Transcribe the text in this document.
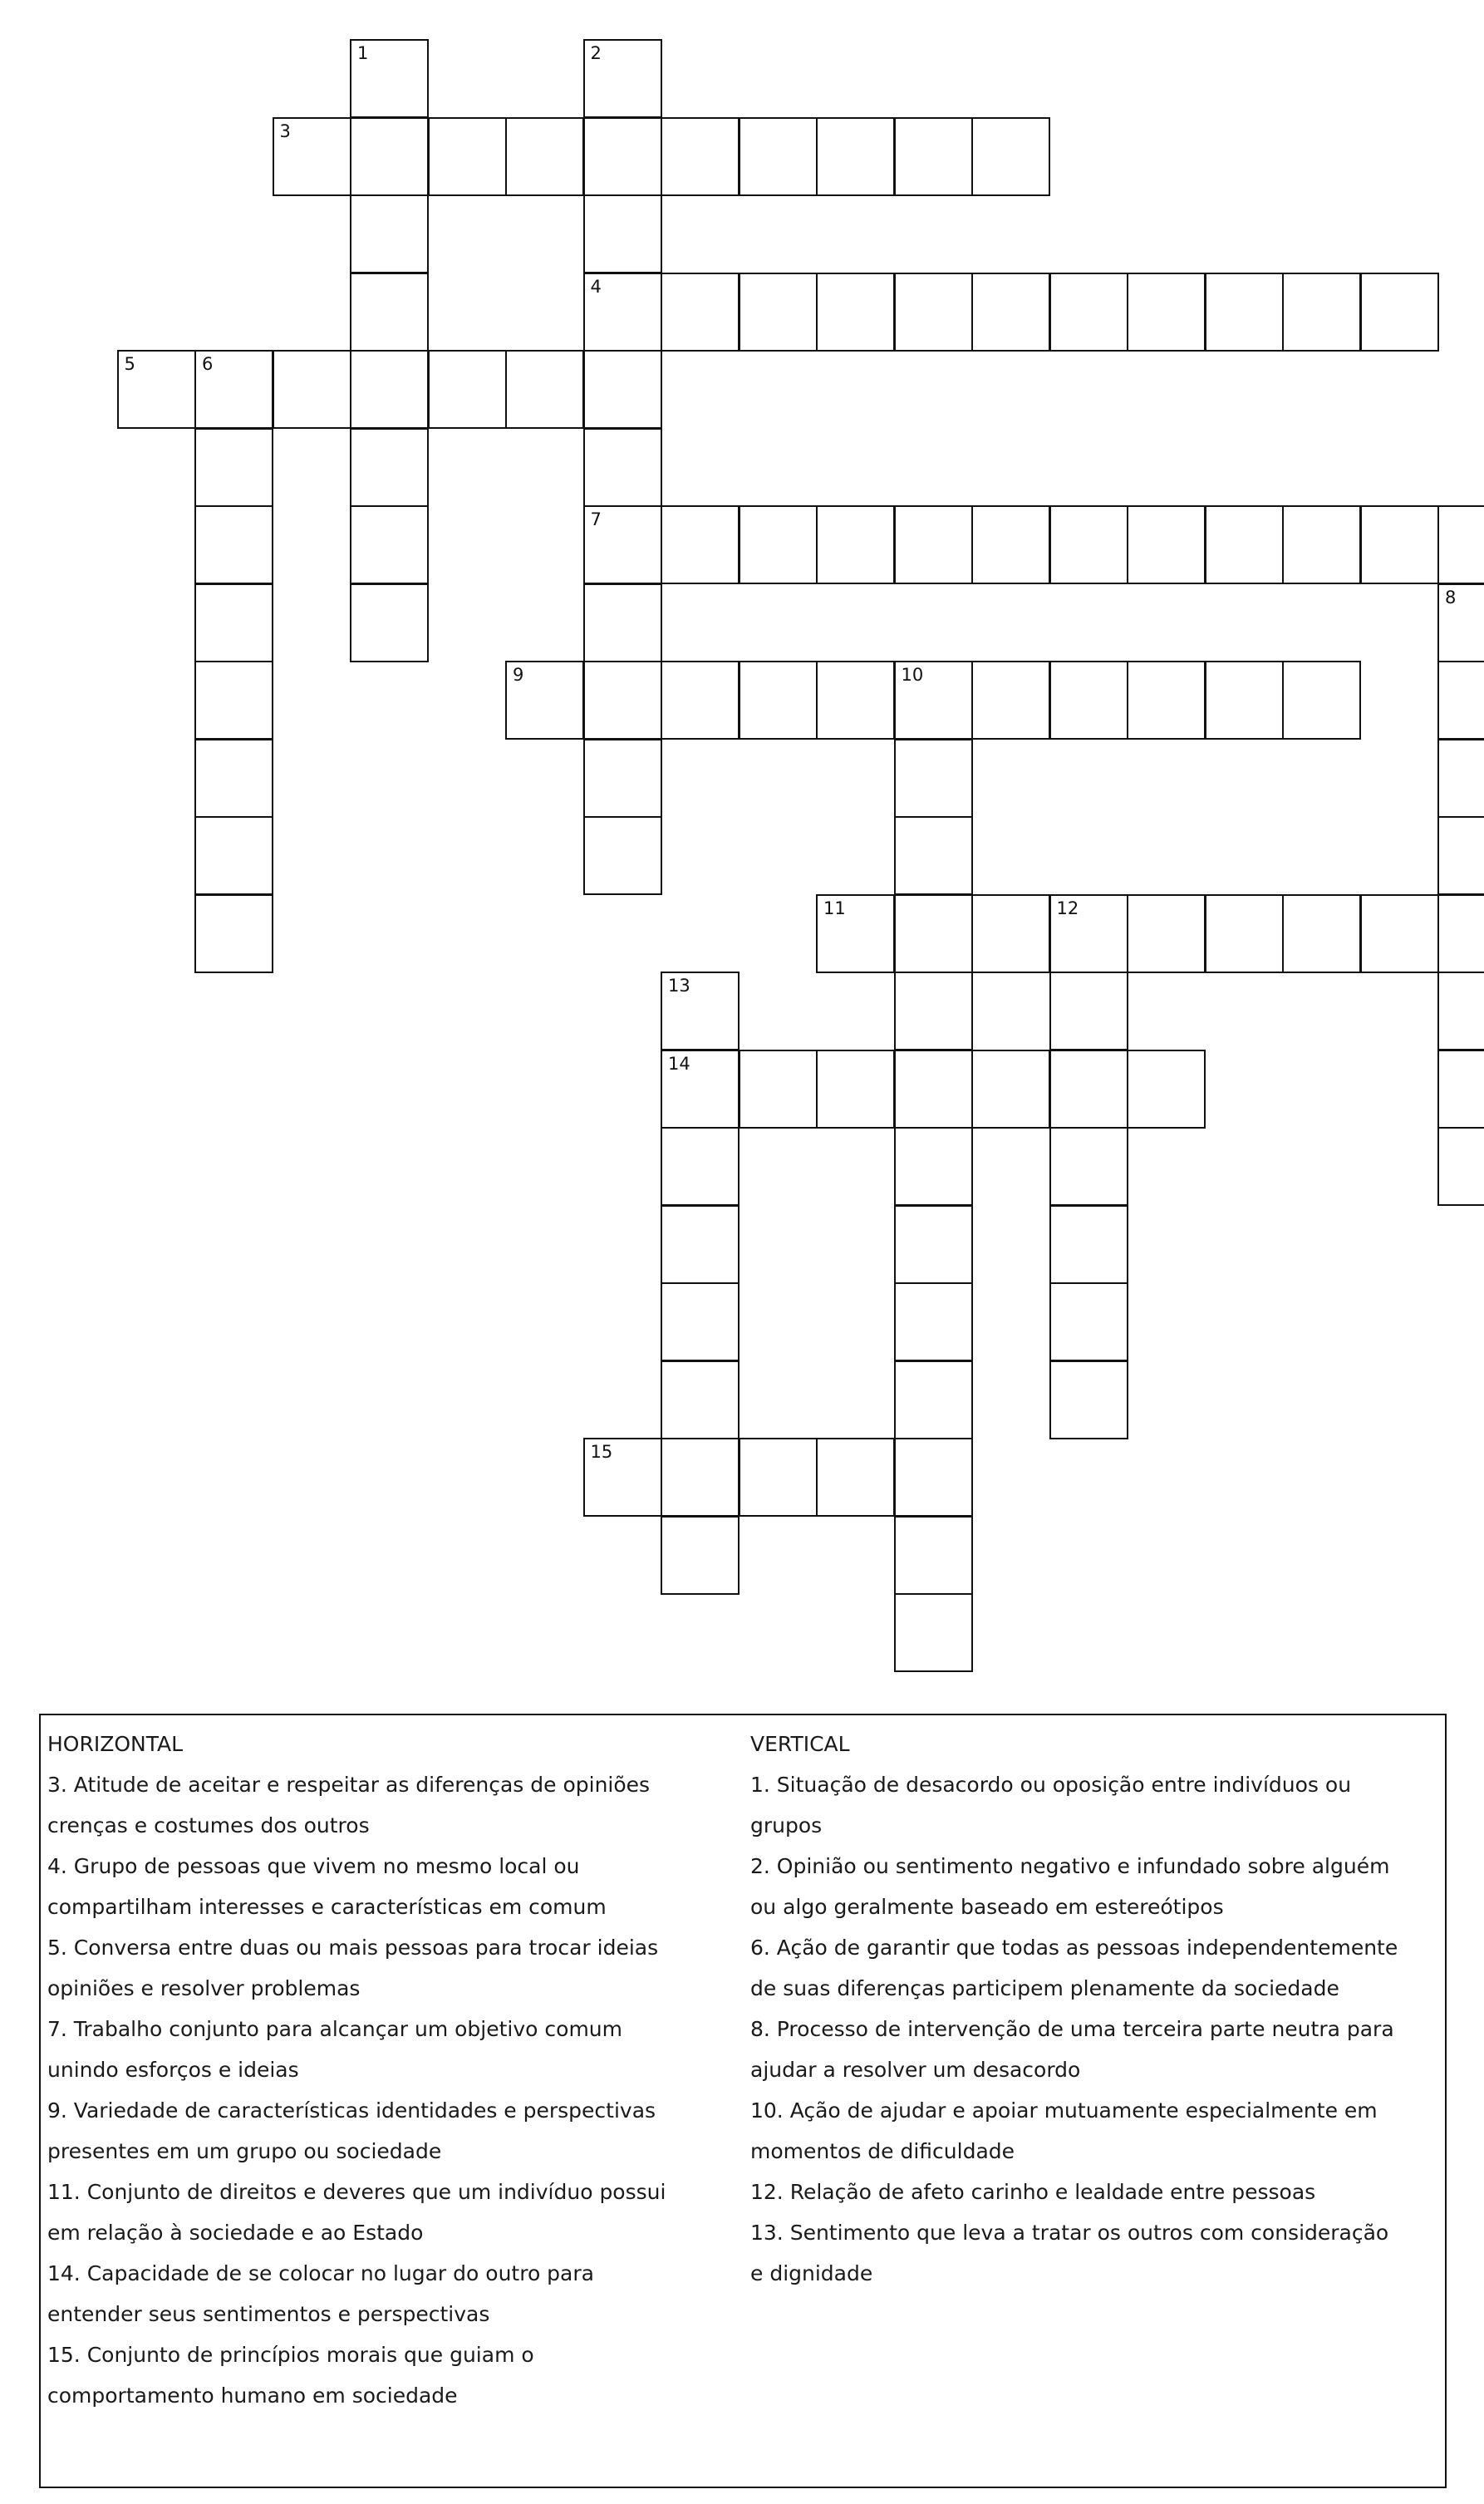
1	2
3
4
5	6
7
8
9	10
11	12
13
14
15
HORIZONTAL
3. Atitude de aceitar e respeitar as diferenças de opiniões
crenças e costumes dos outros
4. Grupo de pessoas que vivem no mesmo local ou
compartilham interesses e características em comum
5. Conversa entre duas ou mais pessoas para trocar ideias
opiniões e resolver problemas
7. Trabalho conjunto para alcançar um objetivo comum
unindo esforços e ideias
9. Variedade de características identidades e perspectivas
presentes em um grupo ou sociedade
11. Conjunto de direitos e deveres que um indivíduo possui
em relação à sociedade e ao Estado
14. Capacidade de se colocar no lugar do outro para
entender seus sentimentos e perspectivas
15. Conjunto de princípios morais que guiam o
comportamento humano em sociedade
VERTICAL
1. Situação de desacordo ou oposição entre indivíduos ou
grupos
2. Opinião ou sentimento negativo e infundado sobre alguém
ou algo geralmente baseado em estereótipos
6. Ação de garantir que todas as pessoas independentemente
de suas diferenças participem plenamente da sociedade
8. Processo de intervenção de uma terceira parte neutra para
ajudar a resolver um desacordo
10. Ação de ajudar e apoiar mutuamente especialmente em
momentos de dificuldade
12. Relação de afeto carinho e lealdade entre pessoas
13. Sentimento que leva a tratar os outros com consideração
e dignidade
